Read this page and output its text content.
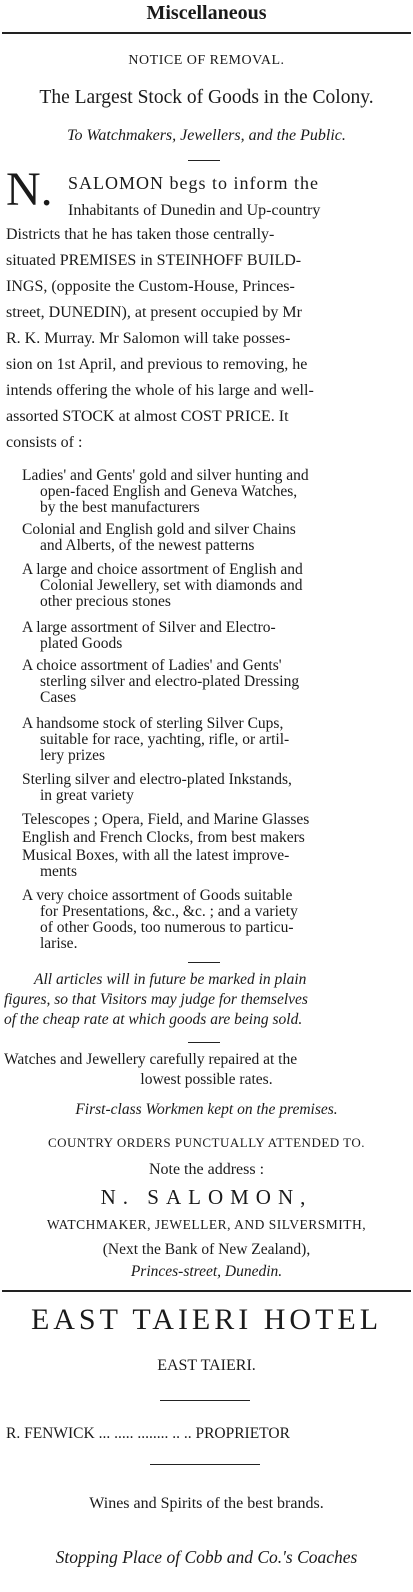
Miscellaneous
NOTICE OF REMOVAL.
The Largest Stock of Goods in the Colony.
To Watchmakers, Jewellers, and the Public.
N. SALOMON begs to inform the
Inhabitants of Dunedin and Up-country
Districts that he has taken those centrally-
situated PREMISES in STEINHOFF BUILD-
INGS, (opposite the Custom-House, Princes-
street, DUNEDIN), at present occupied by Mr
R. K. Murray. Mr Salomon will take posses-
sion on 1st April, and previous to removing, he
intends offering the whole of his large and well-
assorted STOCK at almost COST PRICE. It
consists of :
Ladies' and Gents' gold and silver hunting and
open-faced English and Geneva Watches,
by the best manufacturers
Colonial and English gold and silver Chains
and Alberts, of the newest patterns
A large and choice assortment of English and
Colonial Jewellery, set with diamonds and
other precious stones
A large assortment of Silver and Electro-
plated Goods
A choice assortment of Ladies' and Gents'
sterling silver and electro-plated Dressing
Cases
A handsome stock of sterling Silver Cups,
suitable for race, yachting, rifle, or artil-
lery prizes
Sterling silver and electro-plated Inkstands,
in great variety
Telescopes ; Opera, Field, and Marine Glasses
English and French Clocks, from best makers
Musical Boxes, with all the latest improve-
ments
A very choice assortment of Goods suitable
for Presentations, &c., &c. ; and a variety
of other Goods, too numerous to particu-
larise.
All articles will in future be marked in plain
figures, so that Visitors may judge for themselves
of the cheap rate at which goods are being sold.
Watches and Jewellery carefully repaired at the
lowest possible rates.
First-class Workmen kept on the premises.
COUNTRY ORDERS PUNCTUALLY ATTENDED TO.
Note the address :
N. SALOMON,
WATCHMAKER, JEWELLER, AND SILVERSMITH,
(Next the Bank of New Zealand),
Princes-street, Dunedin.
EAST TAIERI HOTEL
EAST TAIERI.
R. FENWICK ... ..... ........ .. .. PROPRIETOR
Wines and Spirits of the best brands.
Stopping Place of Cobb and Co.'s Coaches
